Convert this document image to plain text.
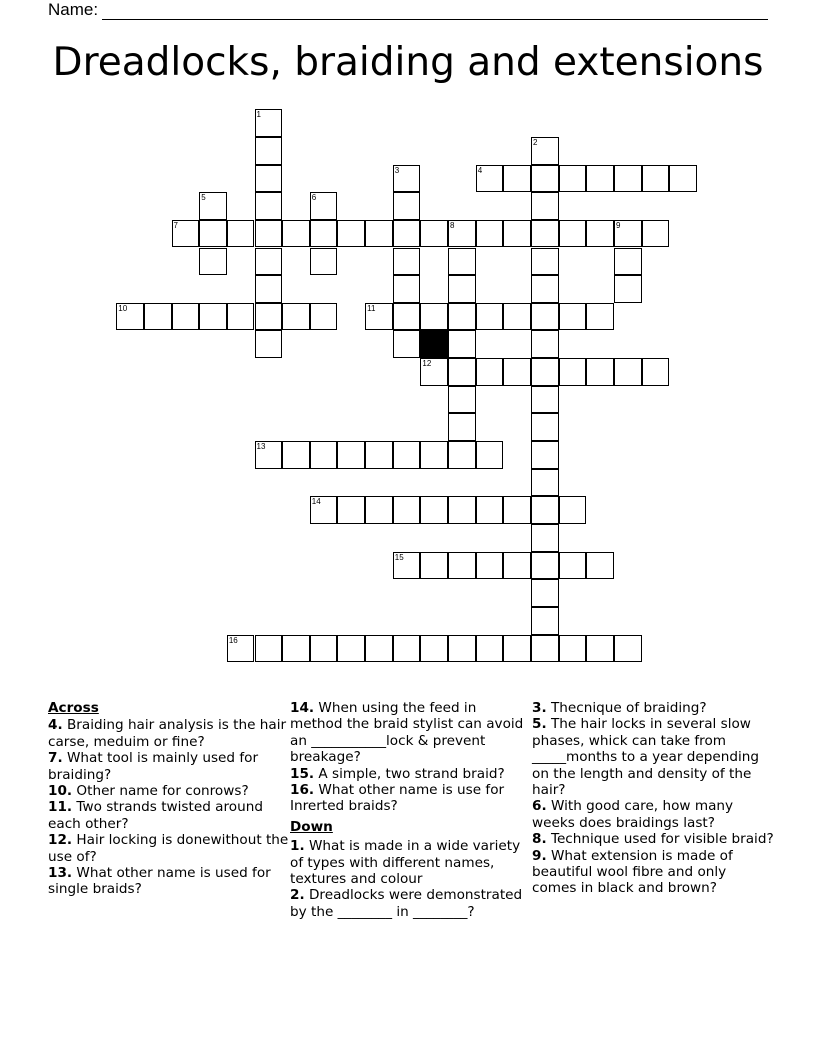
Name:
Dreadlocks, braiding and extensions
1
2
3	4
5	6
7	8	9
10	11
12
13
14
15
16
Across
4. Braiding hair analysis is the hair carse, meduim or fine?
7. What tool is mainly used for braiding?
10. Other name for conrows?
11. Two strands twisted around each other?
12. Hair locking is donewithout the use of?
13. What other name is used for single braids?
14. When using the feed in method the braid stylist can avoid an ___________lock & prevent breakage?
15. A simple, two strand braid?
16. What other name is use for Inrerted braids?
Down
1. What is made in a wide variety of types with different names, textures and colour
2. Dreadlocks were demonstrated by the ________ in ________?
3. Thecnique of braiding?
5. The hair locks in several slow phases, whick can take from _____months to a year depending on the length and density of the hair?
6. With good care, how many weeks does braidings last?
8. Technique used for visible braid?
9. What extension is made of beautiful wool fibre and only comes in black and brown?
